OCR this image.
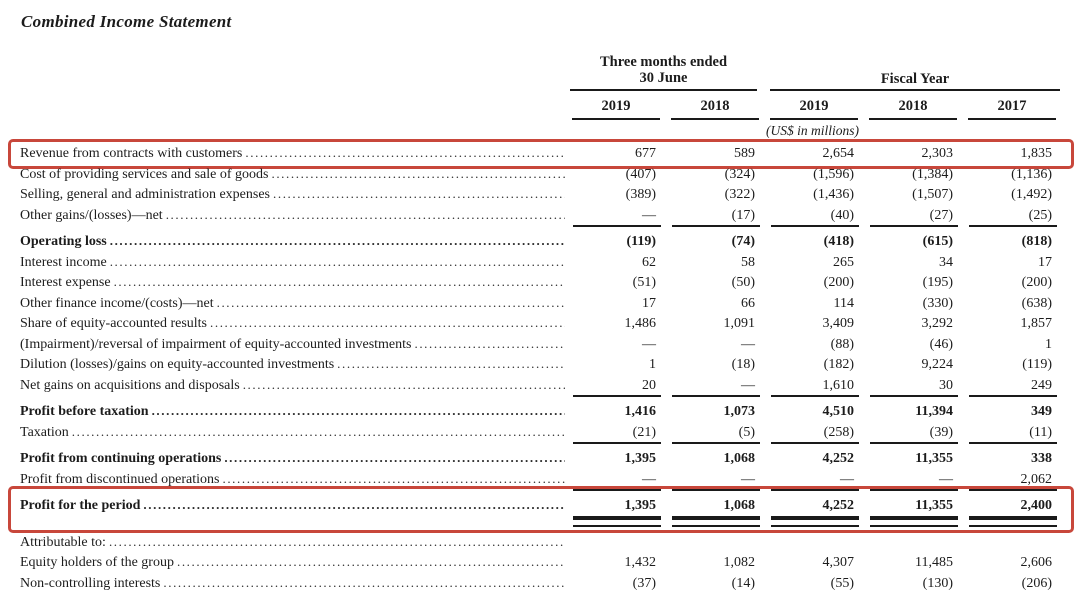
Combined Income Statement
Three months ended
30 June	Fiscal Year
2019	2018	2019	2018	2017
(US$ in millions)
Revenue from contracts with customers .....	677	589	2,654	2,303	1,835
Cost of providing services and sale of goods .....	(407)	(324)	(1,596)	(1,384)	(1,136)
Selling, general and administration expenses .....	(389)	(322)	(1,436)	(1,507)	(1,492)
Other gains/(losses)—net .....	—	(17)	(40)	(27)	(25)
Operating loss .....	(119)	(74)	(418)	(615)	(818)
Interest income .....	62	58	265	34	17
Interest expense .....	(51)	(50)	(200)	(195)	(200)
Other finance income/(costs)—net .....	17	66	114	(330)	(638)
Share of equity-accounted results .....	1,486	1,091	3,409	3,292	1,857
(Impairment)/reversal of impairment of equity-accounted investments .....	—	—	(88)	(46)	1
Dilution (losses)/gains on equity-accounted investments .....	1	(18)	(182)	9,224	(119)
Net gains on acquisitions and disposals .....	20	—	1,610	30	249
Profit before taxation .....	1,416	1,073	4,510	11,394	349
Taxation .....	(21)	(5)	(258)	(39)	(11)
Profit from continuing operations .....	1,395	1,068	4,252	11,355	338
Profit from discontinued operations .....	—	—	—	—	2,062
Profit for the period .....	1,395	1,068	4,252	11,355	2,400
Attributable to:
.....
Equity holders of the group .....	1,432	1,082	4,307	11,485	2,606
Non-controlling interests .....	(37)	(14)	(55)	(130)	(206)
